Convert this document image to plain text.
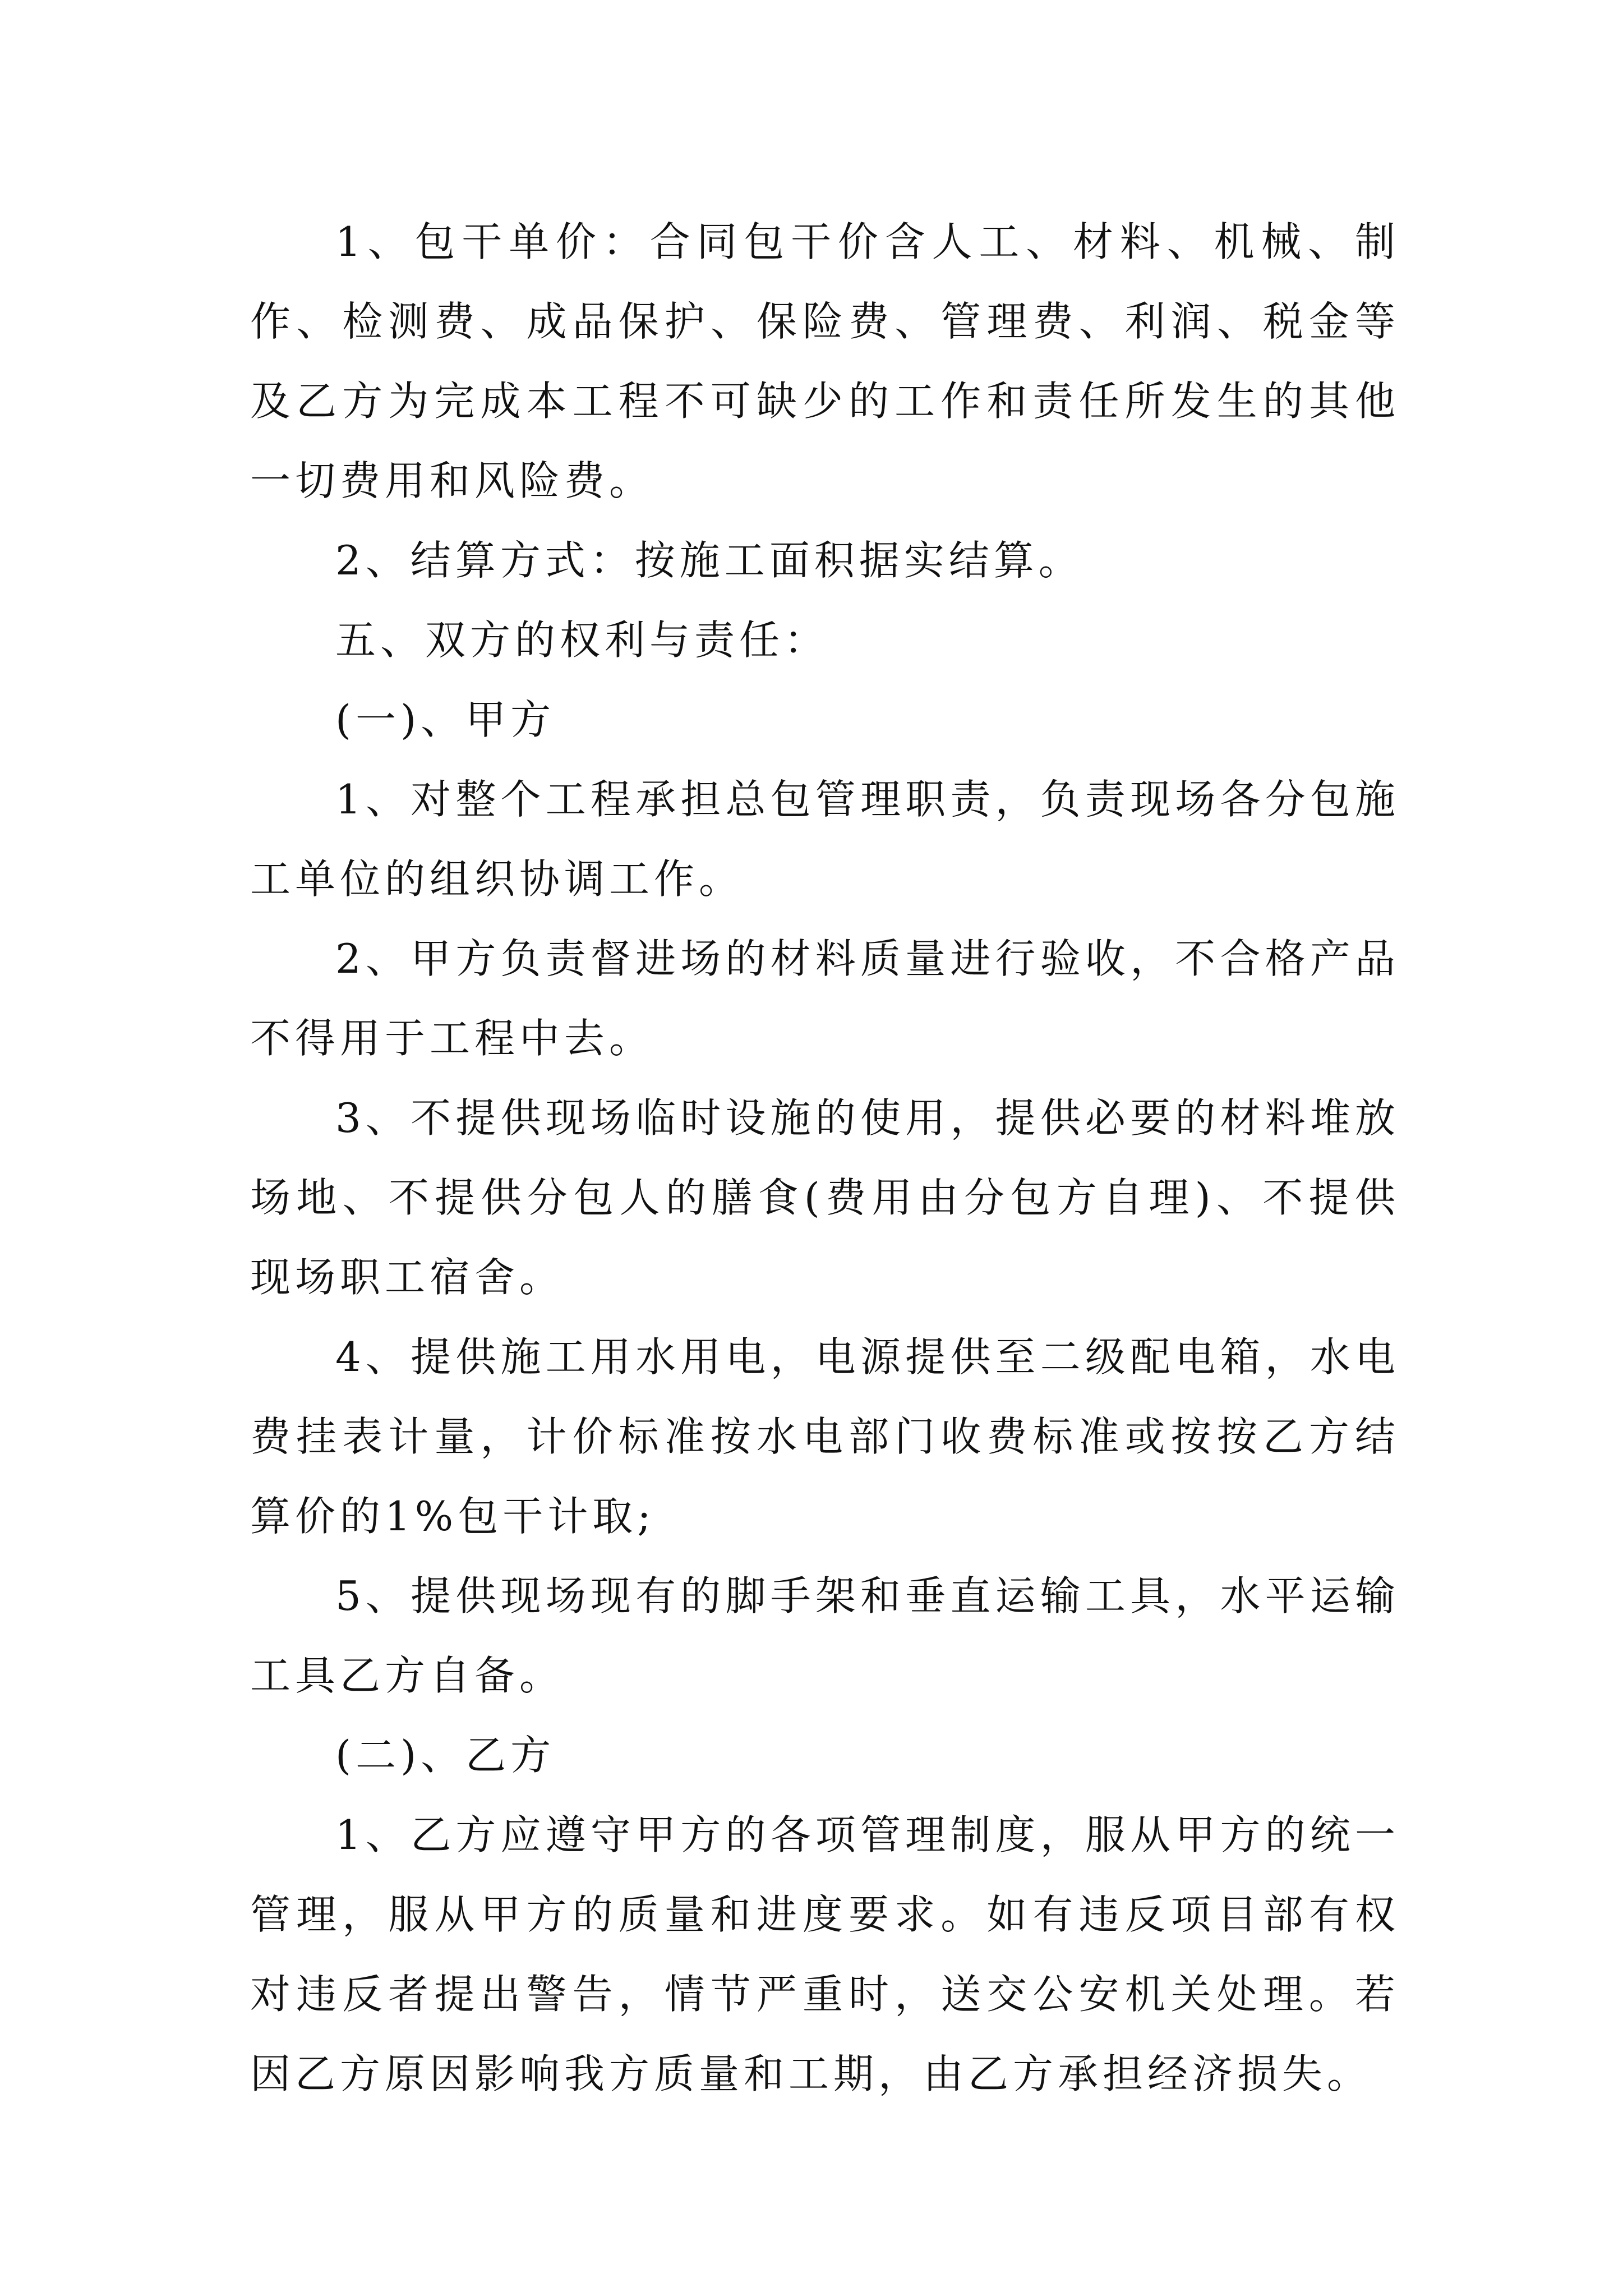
1、包干单价：合同包干价含人工、材料、机械、制作、检测费、成品保护、保险费、管理费、利润、税金等及乙方为完成本工程不可缺少的工作和责任所发生的其他一切费用和风险费。

2、结算方式：按施工面积据实结算。

五、双方的权利与责任：

(一)、甲方

1、对整个工程承担总包管理职责，负责现场各分包施工单位的组织协调工作。

2、甲方负责督进场的材料质量进行验收，不合格产品不得用于工程中去。

3、不提供现场临时设施的使用，提供必要的材料堆放场地、不提供分包人的膳食(费用由分包方自理)、不提供现场职工宿舍。

4、提供施工用水用电，电源提供至二级配电箱，水电费挂表计量，计价标准按水电部门收费标准或按按乙方结算价的1%包干计取;

5、提供现场现有的脚手架和垂直运输工具，水平运输工具乙方自备。

(二)、乙方

1、乙方应遵守甲方的各项管理制度，服从甲方的统一管理，服从甲方的质量和进度要求。如有违反项目部有权对违反者提出警告，情节严重时，送交公安机关处理。若因乙方原因影响我方质量和工期，由乙方承担经济损失。
